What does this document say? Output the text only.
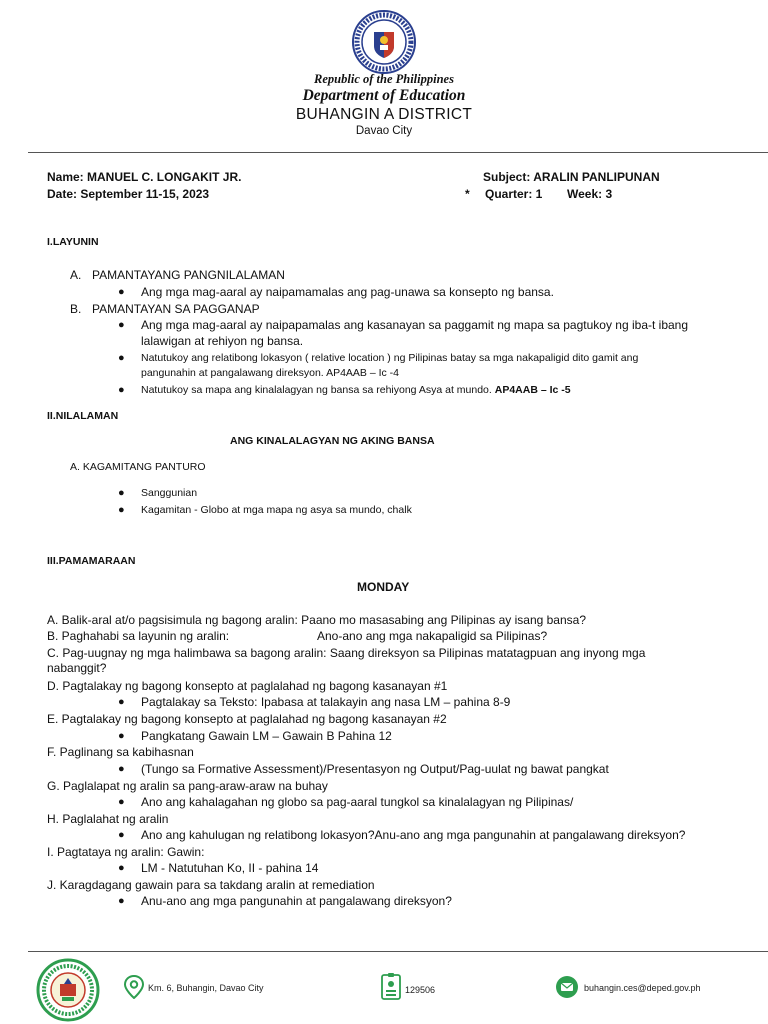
Republic of the Philippines
Department of Education
BUHANGIN A DISTRICT
Davao City
Name: MANUEL C. LONGAKIT JR.
Date: September 11-15, 2023
Subject: ARALIN PANLIPUNAN
* Quarter: 1 Week: 3
I.LAYUNIN
A. PAMANTAYANG PANGNILALAMAN
● Ang mga mag-aaral ay naipamamalas ang pag-unawa sa konsepto ng bansa.
B. PAMANTAYAN SA PAGGANAP
● Ang mga mag-aaral ay naipapamalas ang kasanayan sa paggamit ng mapa sa pagtukoy ng iba-t ibang
lalawigan at rehiyon ng bansa.
● Natutukoy ang relatibong lokasyon ( relative location ) ng Pilipinas batay sa mga nakapaligid dito gamit ang
pangunahin at pangalawang direksyon. AP4AAB – Ic -4
● Natutukoy sa mapa ang kinalalagyan ng bansa sa rehiyong Asya at mundo. AP4AAB – Ic -5
II.NILALAMAN
ANG KINALALAGYAN NG AKING BANSA
A. KAGAMITANG PANTURO
● Sanggunian
● Kagamitan - Globo at mga mapa ng asya sa mundo, chalk
III.PAMAMARAAN
MONDAY
A. Balik-aral at/o pagsisimula ng bagong aralin: Paano mo masasabing ang Pilipinas ay isang bansa?
B. Paghahabi sa layunin ng aralin:	Ano-ano ang mga nakapaligid sa Pilipinas?
C. Pag-uugnay ng mga halimbawa sa bagong aralin: Saang direksyon sa Pilipinas matatagpuan ang inyong mga
nabanggit?
D. Pagtalakay ng bagong konsepto at paglalahad ng bagong kasanayan #1
● Pagtalakay sa Teksto: Ipabasa at talakayin ang nasa LM – pahina 8-9
E. Pagtalakay ng bagong konsepto at paglalahad ng bagong kasanayan #2
● Pangkatang Gawain LM – Gawain B Pahina 12
F. Paglinang sa kabihasnan
● (Tungo sa Formative Assessment)/Presentasyon ng Output/Pag-uulat ng bawat pangkat
G. Paglalapat ng aralin sa pang-araw-araw na buhay
● Ano ang kahalagahan ng globo sa pag-aaral tungkol sa kinalalagyan ng Pilipinas/
H. Paglalahat ng aralin
● Ano ang kahulugan ng relatibong lokasyon?Anu-ano ang mga pangunahin at pangalawang direksyon?
I. Pagtataya ng aralin: Gawin:
● LM - Natutuhan Ko, II - pahina 14
J. Karagdagang gawain para sa takdang aralin at remediation
● Anu-ano ang mga pangunahin at pangalawang direksyon?
Km. 6, Buhangin, Davao City	129506	buhangin.ces@deped.gov.ph
